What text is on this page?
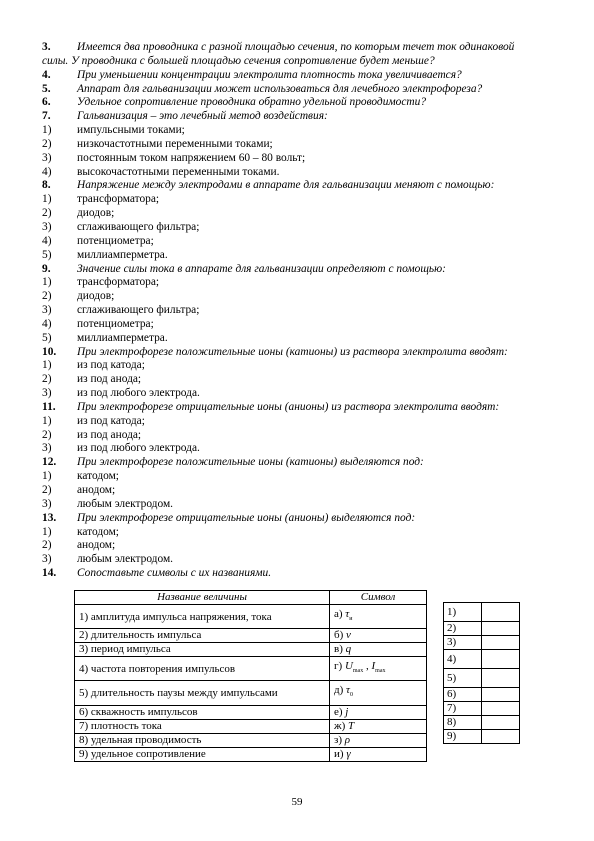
3.	Имеется два проводника с разной площадью сечения, по которым течет ток одинаковой
силы. У проводника с большей площадью сечения сопротивление будет меньше?
4.	При уменьшении концентрации электролита плотность тока увеличивается?
5.	Аппарат для гальванизации может использоваться для лечебного электрофореза?
6.	Удельное сопротивление проводника обратно удельной проводимости?
7.	Гальванизация – это лечебный метод воздействия:
1)	импульсными токами;
2)	низкочастотными переменными токами;
3)	постоянным током напряжением 60 – 80 вольт;
4)	высокочастотными переменными токами.
8.	Напряжение между электродами в аппарате для гальванизации меняют с помощью:
1)	трансформатора;
2)	диодов;
3)	сглаживающего фильтра;
4)	потенциометра;
5)	миллиамперметра.
9.	Значение силы тока в аппарате для гальванизации определяют с помощью:
1)	трансформатора;
2)	диодов;
3)	сглаживающего фильтра;
4)	потенциометра;
5)	миллиамперметра.
10.	При электрофорезе положительные ионы (катионы) из раствора электролита вводят:
1)	из под катода;
2)	из под анода;
3)	из под любого электрода.
11.	При электрофорезе отрицательные ионы (анионы) из раствора электролита вводят:
1)	из под катода;
2)	из под анода;
3)	из под любого электрода.
12.	При электрофорезе положительные ионы (катионы) выделяются под:
1)	катодом;
2)	анодом;
3)	любым электродом.
13.	При электрофорезе отрицательные ионы (анионы) выделяются под:
1)	катодом;
2)	анодом;
3)	любым электродом.
14.	Сопоставьте символы с их названиями.
Название величины	Символ
1) амплитуда импульса напряжения, тока	а) $\tau_и$
2) длительность импульса	б) ν
3) период импульса	в) q
4) частота повторения импульсов	г) $U_{max}$ , $I_{max}$
5) длительность паузы между импульсами	д) $\tau_0$
6) скважность импульсов	е) j
7) плотность тока	ж) T
8) удельная проводимость	з) ρ
9) удельное сопротивление	и) γ
1)	
2)	
3)	
4)	
5)	
6)	
7)	
8)	
9)	
59
